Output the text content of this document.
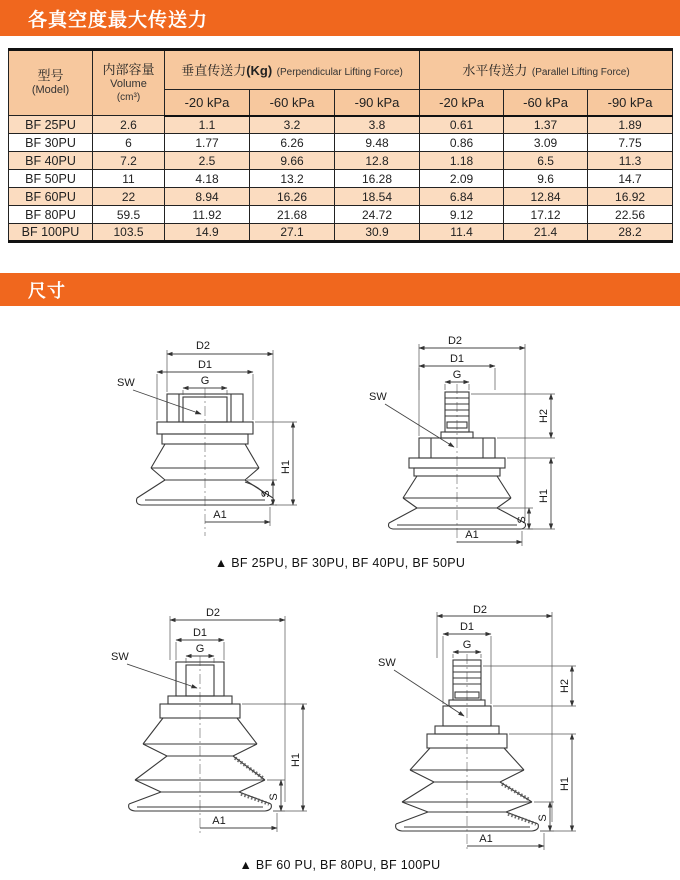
各真空度最大传送力
型号
(Model)

内部容量
Volume
(cm³)
	垂直传送力(Kg) (Perpendicular Lifting Force)	水平传送力 (Parallel Lifting Force)
		-20 kPa	-60 kPa	-90 kPa	-20 kPa	-60 kPa	-90 kPa
BF 25PU	2.6	1.1	3.2	3.8	0.61	1.37	1.89
BF 30PU	6	1.77	6.26	9.48	0.86	3.09	7.75
BF 40PU	7.2	2.5	9.66	12.8	1.18	6.5	11.3
BF 50PU	11	4.18	13.2	16.28	2.09	9.6	14.7
BF 60PU	22	8.94	16.26	18.54	6.84	12.84	16.92
BF 80PU	59.5	11.92	21.68	24.72	9.12	17.12	22.56
BF 100PU	103.5	14.9	27.1	30.9	11.4	21.4	28.2
尺寸
D2
D1
G
SW
H1
S
A1
D2
D1
G
SW
H2
H1
S
A1
▲ BF 25PU, BF 30PU, BF 40PU, BF 50PU
D2
D1
G
SW
H1
S
A1
D2
D1
G
SW
H2
H1
S
A1
▲ BF 60 PU, BF 80PU, BF 100PU
